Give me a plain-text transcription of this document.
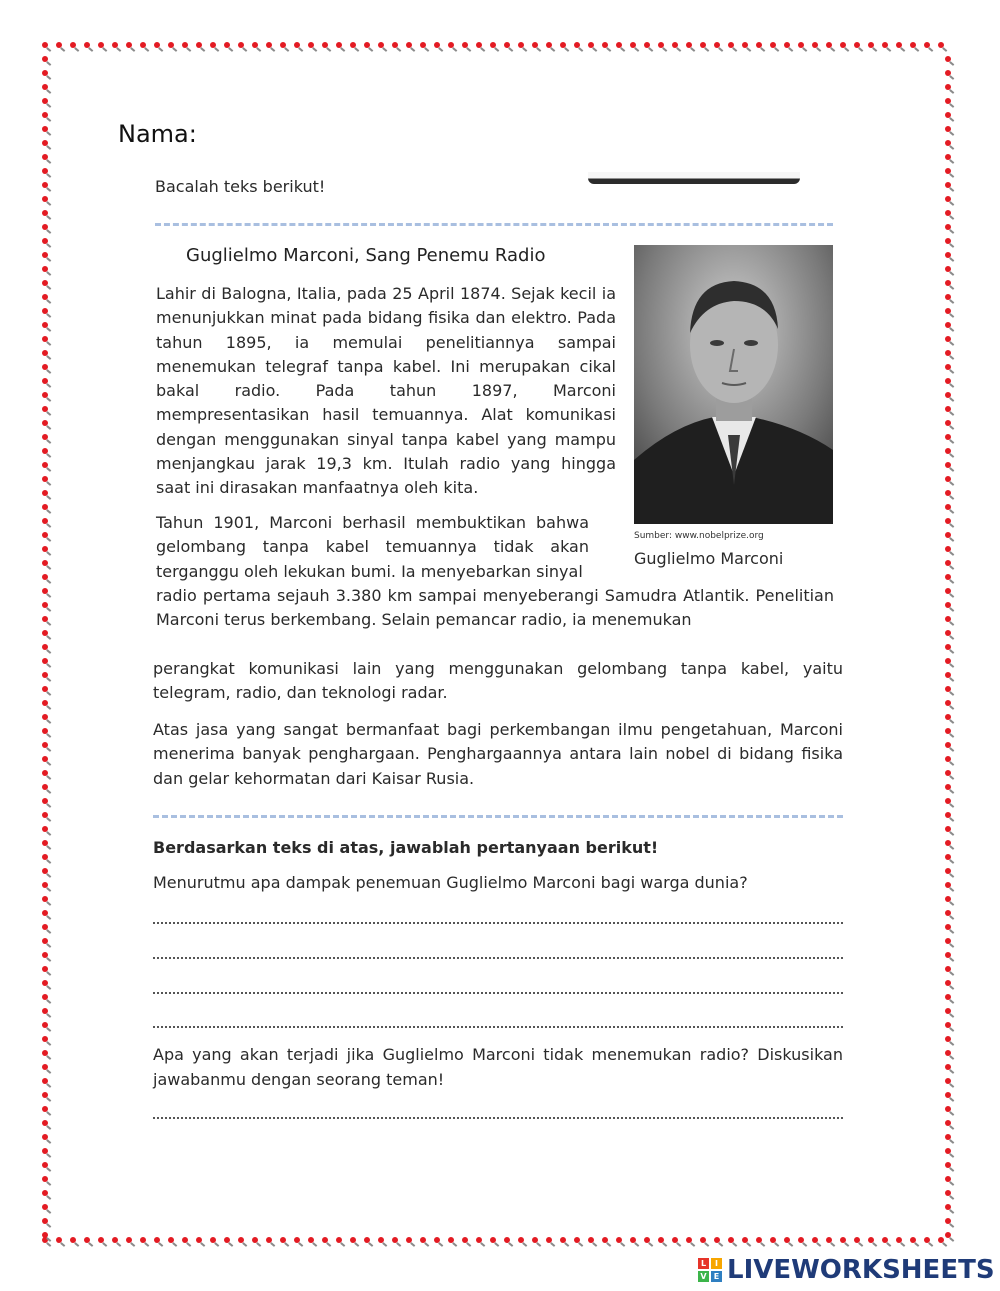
Nama:
Bacalah teks berikut!
Guglielmo Marconi, Sang Penemu Radio

Lahir di Balogna, Italia, pada 25 April 1874. Sejak kecil ia menunjukkan minat pada bidang fisika dan elektro. Pada tahun 1895, ia memulai penelitiannya sampai menemukan telegraf tanpa kabel. Ini merupakan cikal bakal radio. Pada tahun 1897, Marconi mempresentasikan hasil temuannya. Alat komunikasi dengan menggunakan sinyal tanpa kabel yang mampu menjangkau jarak 19,3 km. Itulah radio yang hingga saat ini dirasakan manfaatnya oleh kita.

Tahun 1901, Marconi berhasil membuktikan bahwa gelombang tanpa kabel temuannya tidak akan terganggu oleh lekukan bumi. Ia menyebarkan sinyal

radio pertama sejauh 3.380 km sampai menyeberangi Samudra Atlantik. Penelitian Marconi terus berkembang. Selain pemancar radio, ia menemukan

perangkat komunikasi lain yang menggunakan gelombang tanpa kabel, yaitu telegram, radio, dan teknologi radar.

Atas jasa yang sangat bermanfaat bagi perkembangan ilmu pengetahuan, Marconi menerima banyak penghargaan. Penghargaannya antara lain nobel di bidang fisika dan gelar kehormatan dari Kaisar Rusia.

Sumber: www.nobelprize.org
Guglielmo Marconi
Berdasarkan teks di atas, jawablah pertanyaan berikut!
Menurutmu apa dampak penemuan Guglielmo Marconi bagi warga dunia?

Apa yang akan terjadi jika Guglielmo Marconi tidak menemukan radio? Diskusikan jawabanmu dengan seorang teman!

L	I
V E LIVEWORKSHEETS
